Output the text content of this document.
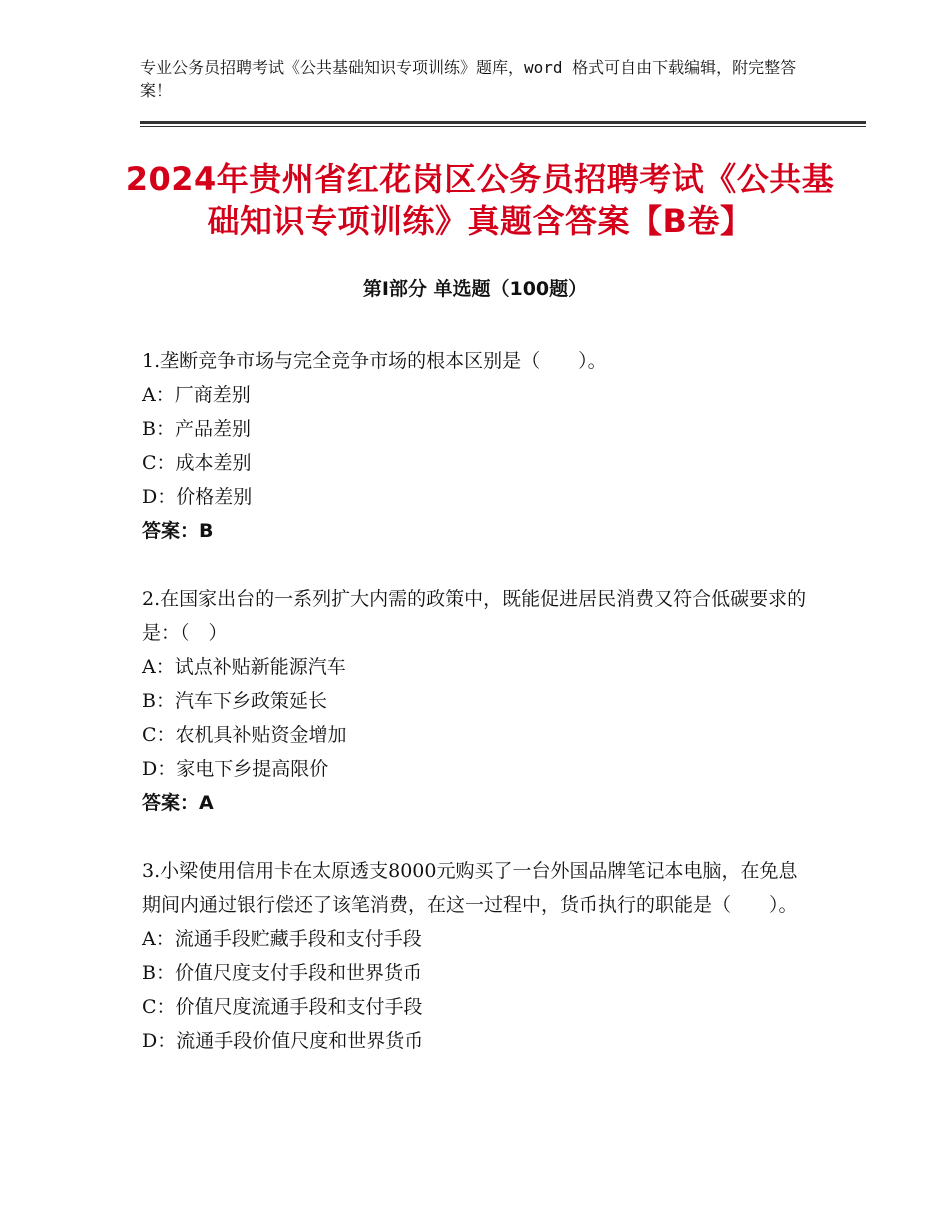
专业公务员招聘考试《公共基础知识专项训练》题库，word 格式可自由下载编辑，附完整答案！
2024年贵州省红花岗区公务员招聘考试《公共基础知识专项训练》真题含答案【B卷】
第Ⅰ部分 单选题（100题）

1.垄断竞争市场与完全竞争市场的根本区别是（　　）。

A：厂商差别

B：产品差别

C：成本差别

D：价格差别

答案：B

2.在国家出台的一系列扩大内需的政策中，既能促进居民消费又符合低碳要求的是：（　）

A：试点补贴新能源汽车

B：汽车下乡政策延长

C：农机具补贴资金增加

D：家电下乡提高限价

答案：A

3.小梁使用信用卡在太原透支8000元购买了一台外国品牌笔记本电脑，在免息期间内通过银行偿还了该笔消费，在这一过程中，货币执行的职能是（　　）。

A：流通手段贮藏手段和支付手段

B：价值尺度支付手段和世界货币

C：价值尺度流通手段和支付手段

D：流通手段价值尺度和世界货币
